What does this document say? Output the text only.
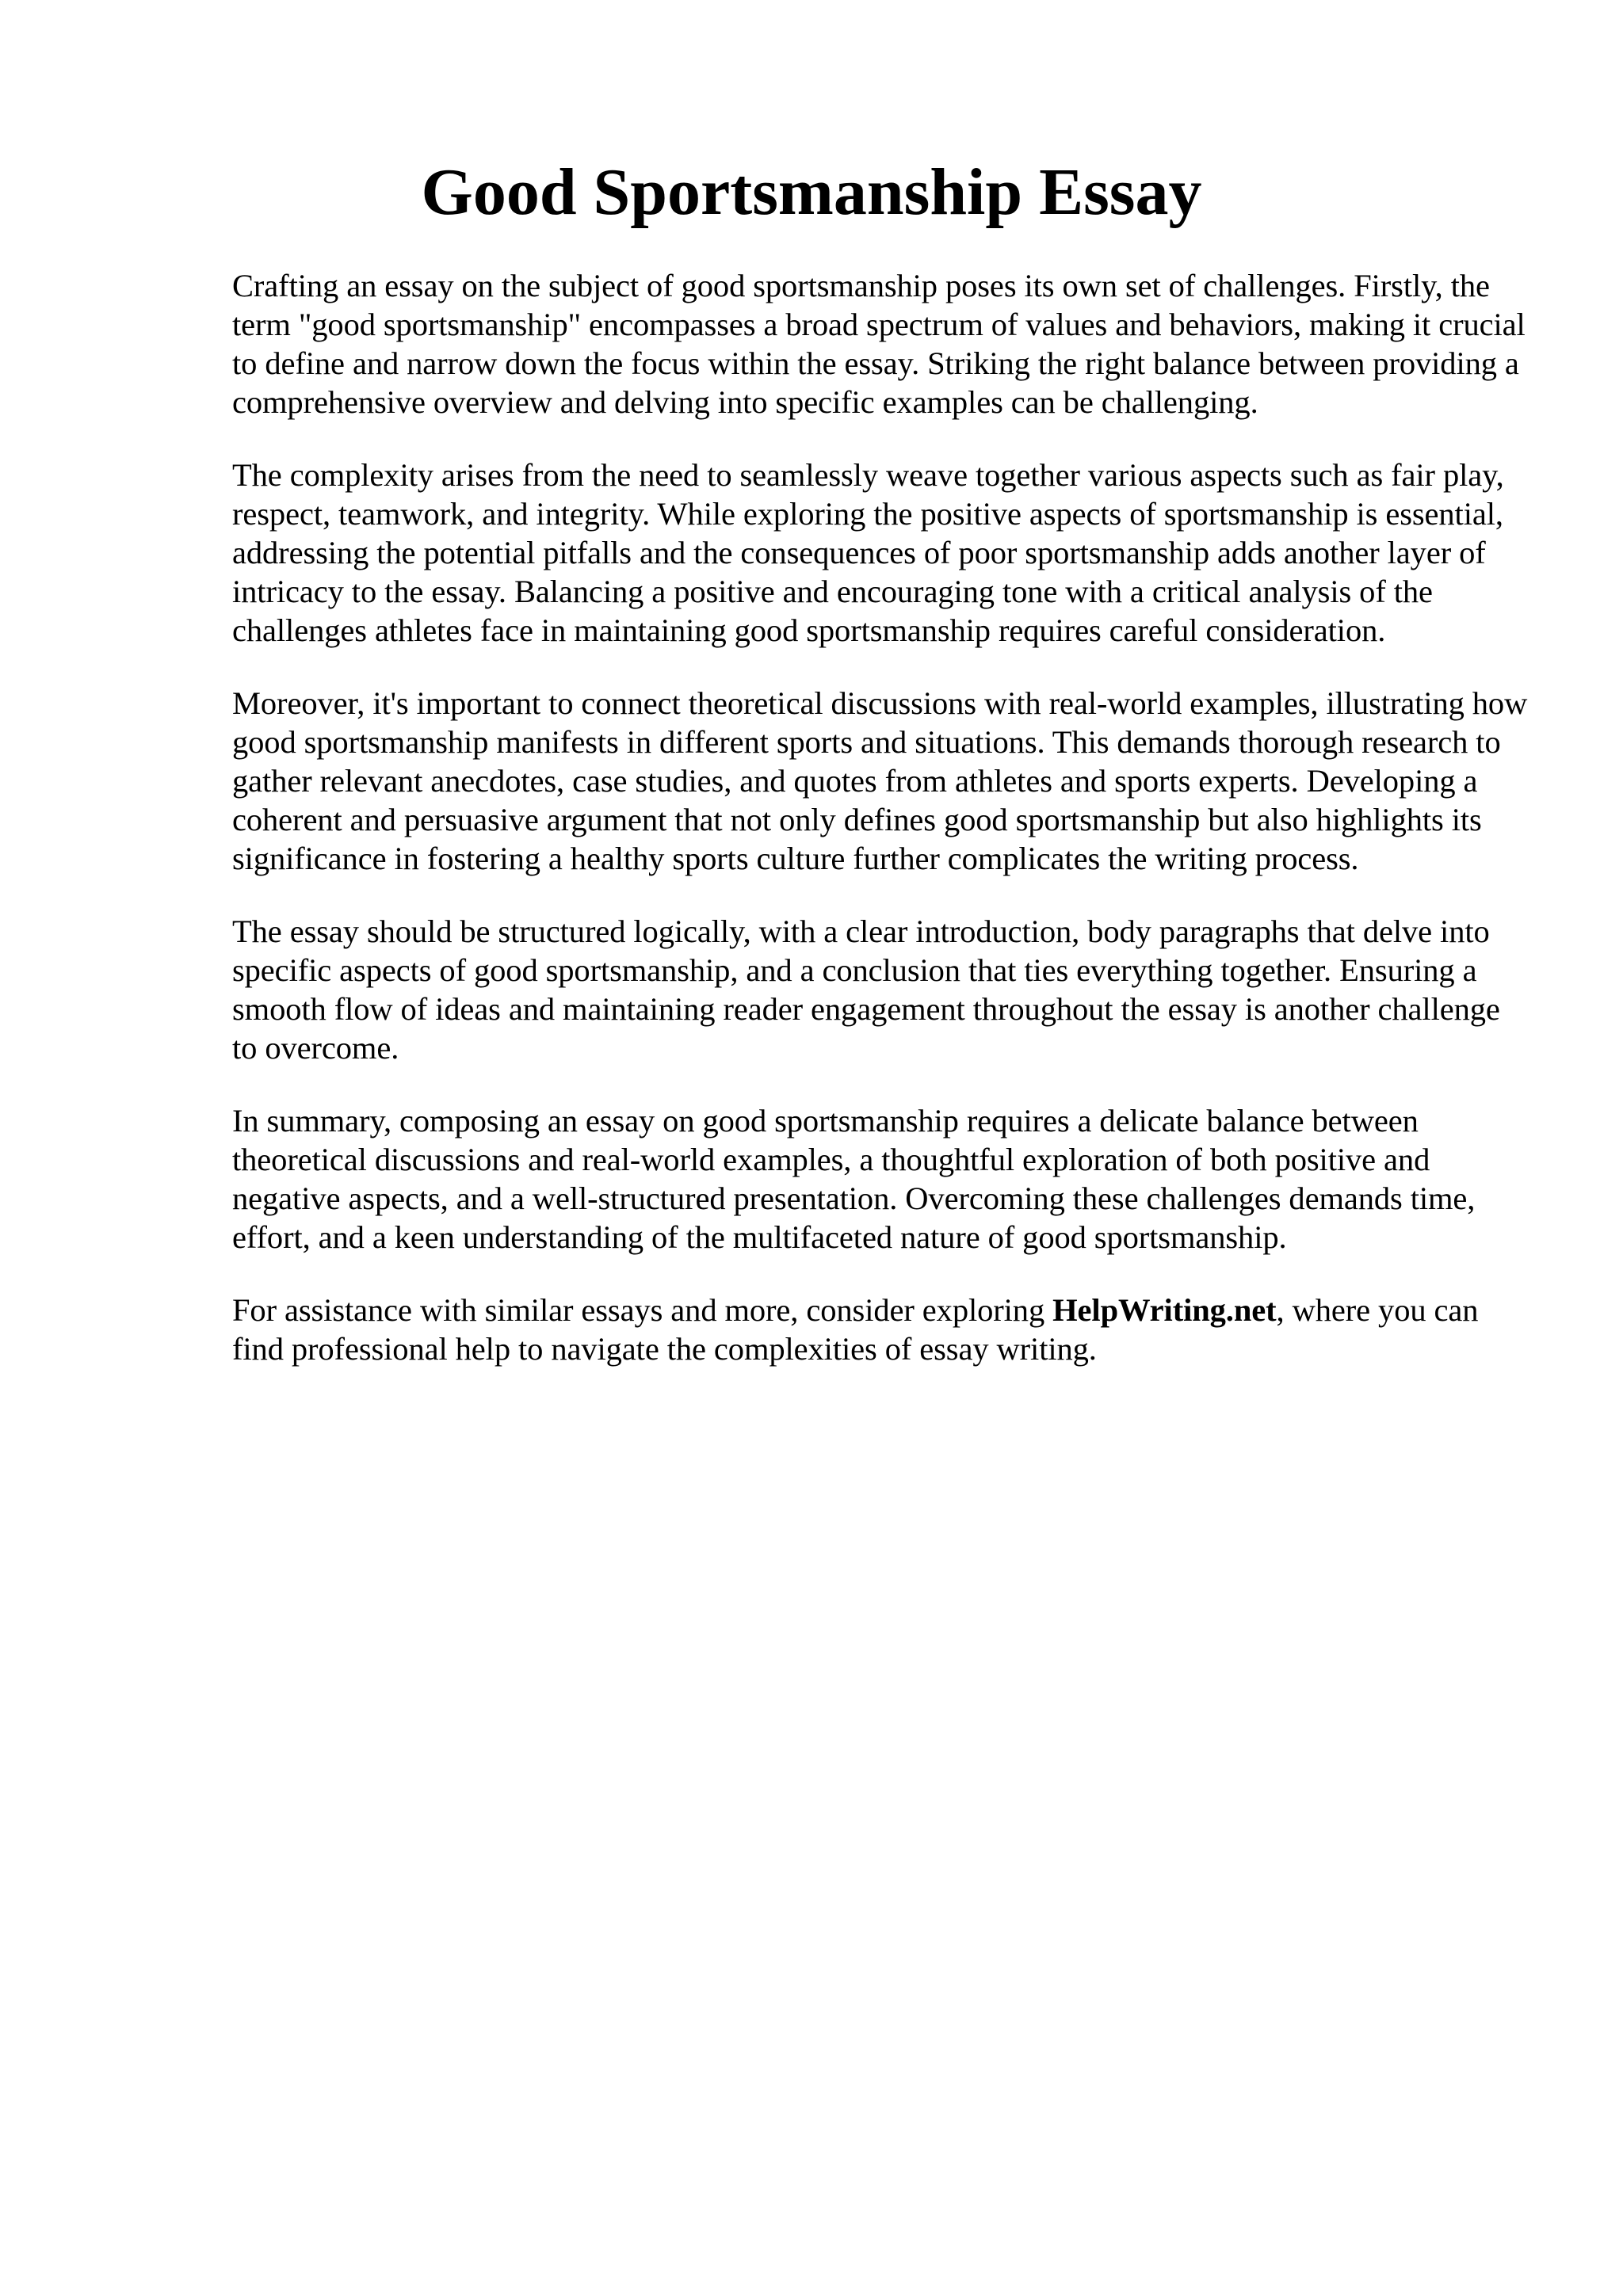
Good Sportsmanship Essay

Crafting an essay on the subject of good sportsmanship poses its own set of challenges. Firstly, the term "good sportsmanship" encompasses a broad spectrum of values and behaviors, making it crucial to define and narrow down the focus within the essay. Striking the right balance between providing a comprehensive overview and delving into specific examples can be challenging.

The complexity arises from the need to seamlessly weave together various aspects such as fair play, respect, teamwork, and integrity. While exploring the positive aspects of sportsmanship is essential, addressing the potential pitfalls and the consequences of poor sportsmanship adds another layer of intricacy to the essay. Balancing a positive and encouraging tone with a critical analysis of the challenges athletes face in maintaining good sportsmanship requires careful consideration.

Moreover, it's important to connect theoretical discussions with real-world examples, illustrating how good sportsmanship manifests in different sports and situations. This demands thorough research to gather relevant anecdotes, case studies, and quotes from athletes and sports experts. Developing a coherent and persuasive argument that not only defines good sportsmanship but also highlights its significance in fostering a healthy sports culture further complicates the writing process.

The essay should be structured logically, with a clear introduction, body paragraphs that delve into specific aspects of good sportsmanship, and a conclusion that ties everything together. Ensuring a smooth flow of ideas and maintaining reader engagement throughout the essay is another challenge to overcome.

In summary, composing an essay on good sportsmanship requires a delicate balance between theoretical discussions and real-world examples, a thoughtful exploration of both positive and negative aspects, and a well-structured presentation. Overcoming these challenges demands time, effort, and a keen understanding of the multifaceted nature of good sportsmanship.

For assistance with similar essays and more, consider exploring HelpWriting.net, where you can find professional help to navigate the complexities of essay writing.
